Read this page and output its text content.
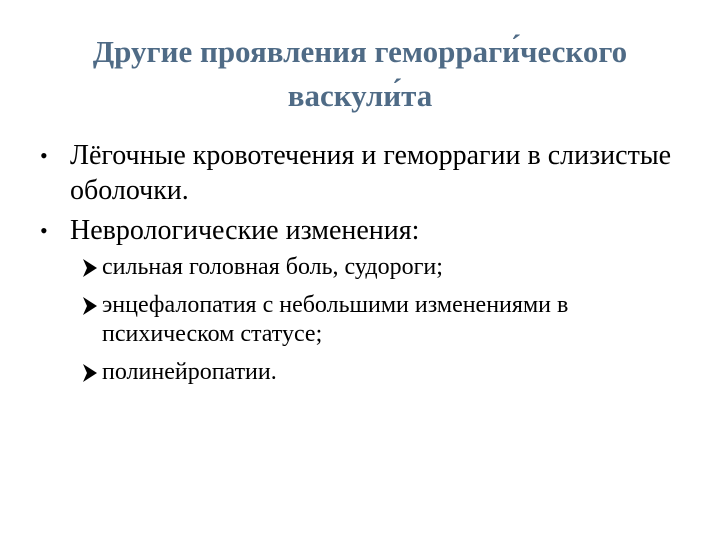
Другие проявления геморраги́ческого
васкули́та
• Лёгочные кровотечения и геморрагии в слизистые оболочки.
• Неврологические изменения:
сильная головная боль, судороги;
энцефалопатия с небольшими изменениями в психическом статусе;
полинейропатии.
